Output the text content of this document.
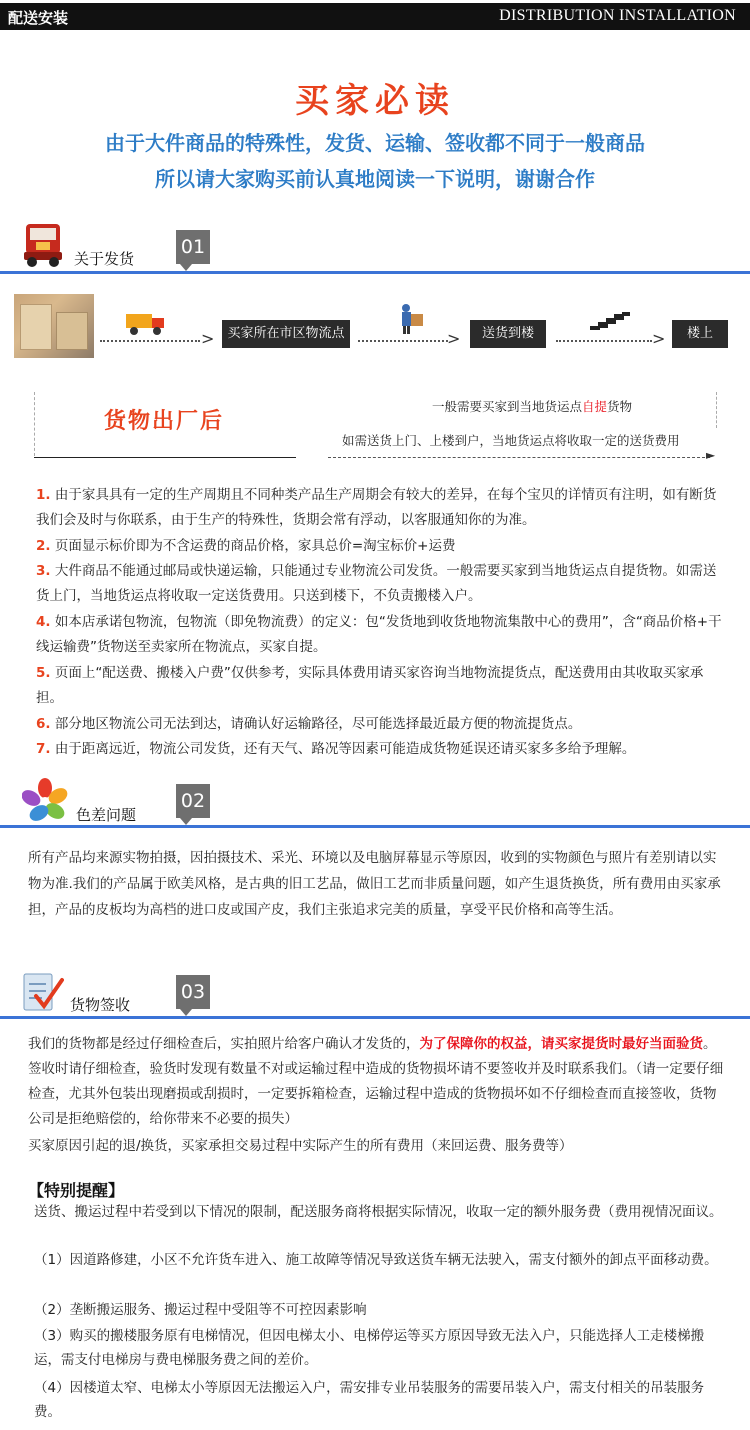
配送安装	DISTRIBUTION INSTALLATION
买家必读
由于大件商品的特殊性，发货、运输、签收都不同于一般商品
所以请大家购买前认真地阅读一下说明，谢谢合作
关于发货
01
>	买家所在市区物流点	>	送货到楼	>	楼上
货物出厂后
一般需要买家到当地货运点自提货物
如需送货上门、上楼到户，当地货运点将收取一定的送货费用
►
1. 由于家具具有一定的生产周期且不同种类产品生产周期会有较大的差异，在每个宝贝的详情页有注明，如有断货我们会及时与你联系，由于生产的特殊性，货期会常有浮动，以客服通知你的为准。
2. 页面显示标价即为不含运费的商品价格，家具总价=淘宝标价+运费
3. 大件商品不能通过邮局或快递运输，只能通过专业物流公司发货。一般需要买家到当地货运点自提货物。如需送货上门，当地货运点将收取一定送货费用。只送到楼下，不负责搬楼入户。
4. 如本店承诺包物流，包物流（即免物流费）的定义：包“发货地到收货地物流集散中心的费用”，含“商品价格+干线运输费”货物送至卖家所在物流点，买家自提。
5. 页面上“配送费、搬楼入户费”仅供参考，实际具体费用请买家咨询当地物流提货点，配送费用由其收取买家承担。
6. 部分地区物流公司无法到达，请确认好运输路径，尽可能选择最近最方便的物流提货点。
7. 由于距离远近，物流公司发货，还有天气、路况等因素可能造成货物延误还请买家多多给予理解。
色差问题
02
所有产品均来源实物拍摄，因拍摄技术、采光、环境以及电脑屏幕显示等原因，收到的实物颜色与照片有差别请以实物为准.我们的产品属于欧美风格，是古典的旧工艺品，做旧工艺而非质量问题，如产生退货换货，所有费用由买家承担，产品的皮板均为高档的进口皮或国产皮，我们主张追求完美的质量，享受平民价格和高等生活。
货物签收
03
我们的货物都是经过仔细检查后，实拍照片给客户确认才发货的，为了保障你的权益，请买家提货时最好当面验货。签收时请仔细检查，验货时发现有数量不对或运输过程中造成的货物损坏请不要签收并及时联系我们。（请一定要仔细检查，尤其外包装出现磨损或刮损时，一定要拆箱检查，运输过程中造成的货物损坏如不仔细检查而直接签收，货物公司是拒绝赔偿的，给你带来不必要的损失）
买家原因引起的退/换货，买家承担交易过程中实际产生的所有费用（来回运费、服务费等）
【特别提醒】
送货、搬运过程中若受到以下情况的限制，配送服务商将根据实际情况，收取一定的额外服务费（费用视情况面议。
（1）因道路修建，小区不允许货车进入、施工故障等情况导致送货车辆无法驶入，需支付额外的卸点平面移动费。
（2）垄断搬运服务、搬运过程中受阻等不可控因素影响
（3）购买的搬楼服务原有电梯情况，但因电梯太小、电梯停运等买方原因导致无法入户，只能选择人工走楼梯搬运，需支付电梯房与费电梯服务费之间的差价。
（4）因楼道太窄、电梯太小等原因无法搬运入户，需安排专业吊装服务的需要吊装入户，需支付相关的吊装服务费。
